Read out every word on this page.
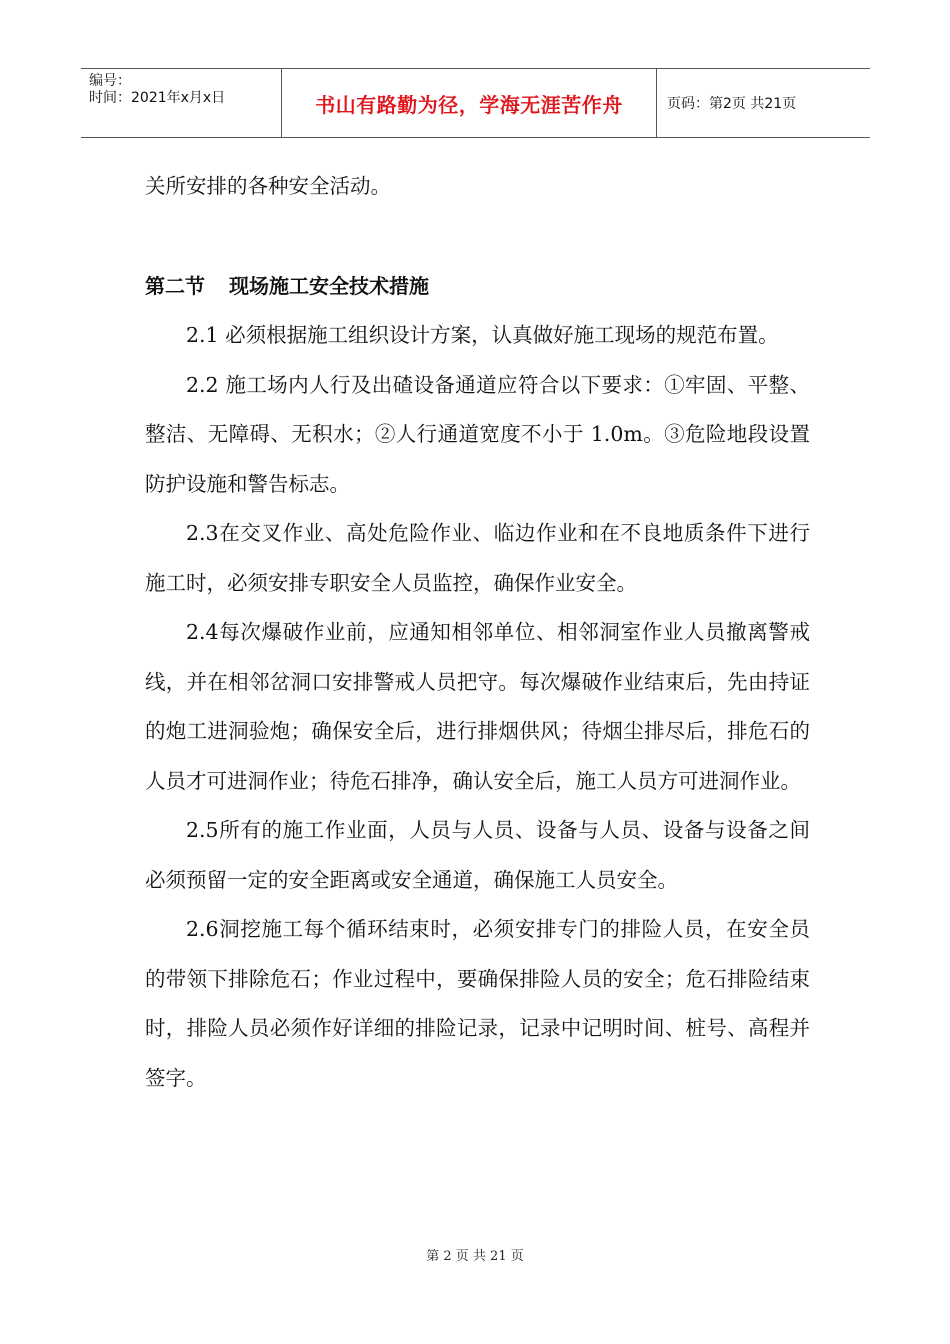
编号：
时间：2021年x月x日	书山有路勤为径，学海无涯苦作舟	页码：第2页 共21页

关所安排的各种安全活动。

第二节 现场施工安全技术措施

2.1 必须根据施工组织设计方案，认真做好施工现场的规范布置。

2.2 施工场内人行及出碴设备通道应符合以下要求：①牢固、平整、整洁、无障碍、无积水；②人行通道宽度不小于 1.0m。③危险地段设置防护设施和警告标志。

2.3在交叉作业、高处危险作业、临边作业和在不良地质条件下进行施工时，必须安排专职安全人员监控，确保作业安全。

2.4每次爆破作业前，应通知相邻单位、相邻洞室作业人员撤离警戒线，并在相邻岔洞口安排警戒人员把守。每次爆破作业结束后，先由持证的炮工进洞验炮；确保安全后，进行排烟供风；待烟尘排尽后，排危石的人员才可进洞作业；待危石排净，确认安全后，施工人员方可进洞作业。

2.5所有的施工作业面，人员与人员、设备与人员、设备与设备之间必须预留一定的安全距离或安全通道，确保施工人员安全。

2.6洞挖施工每个循环结束时，必须安排专门的排险人员，在安全员的带领下排除危石；作业过程中，要确保排险人员的安全；危石排险结束时，排险人员必须作好详细的排险记录，记录中记明时间、桩号、高程并签字。

第 2 页 共 21 页
